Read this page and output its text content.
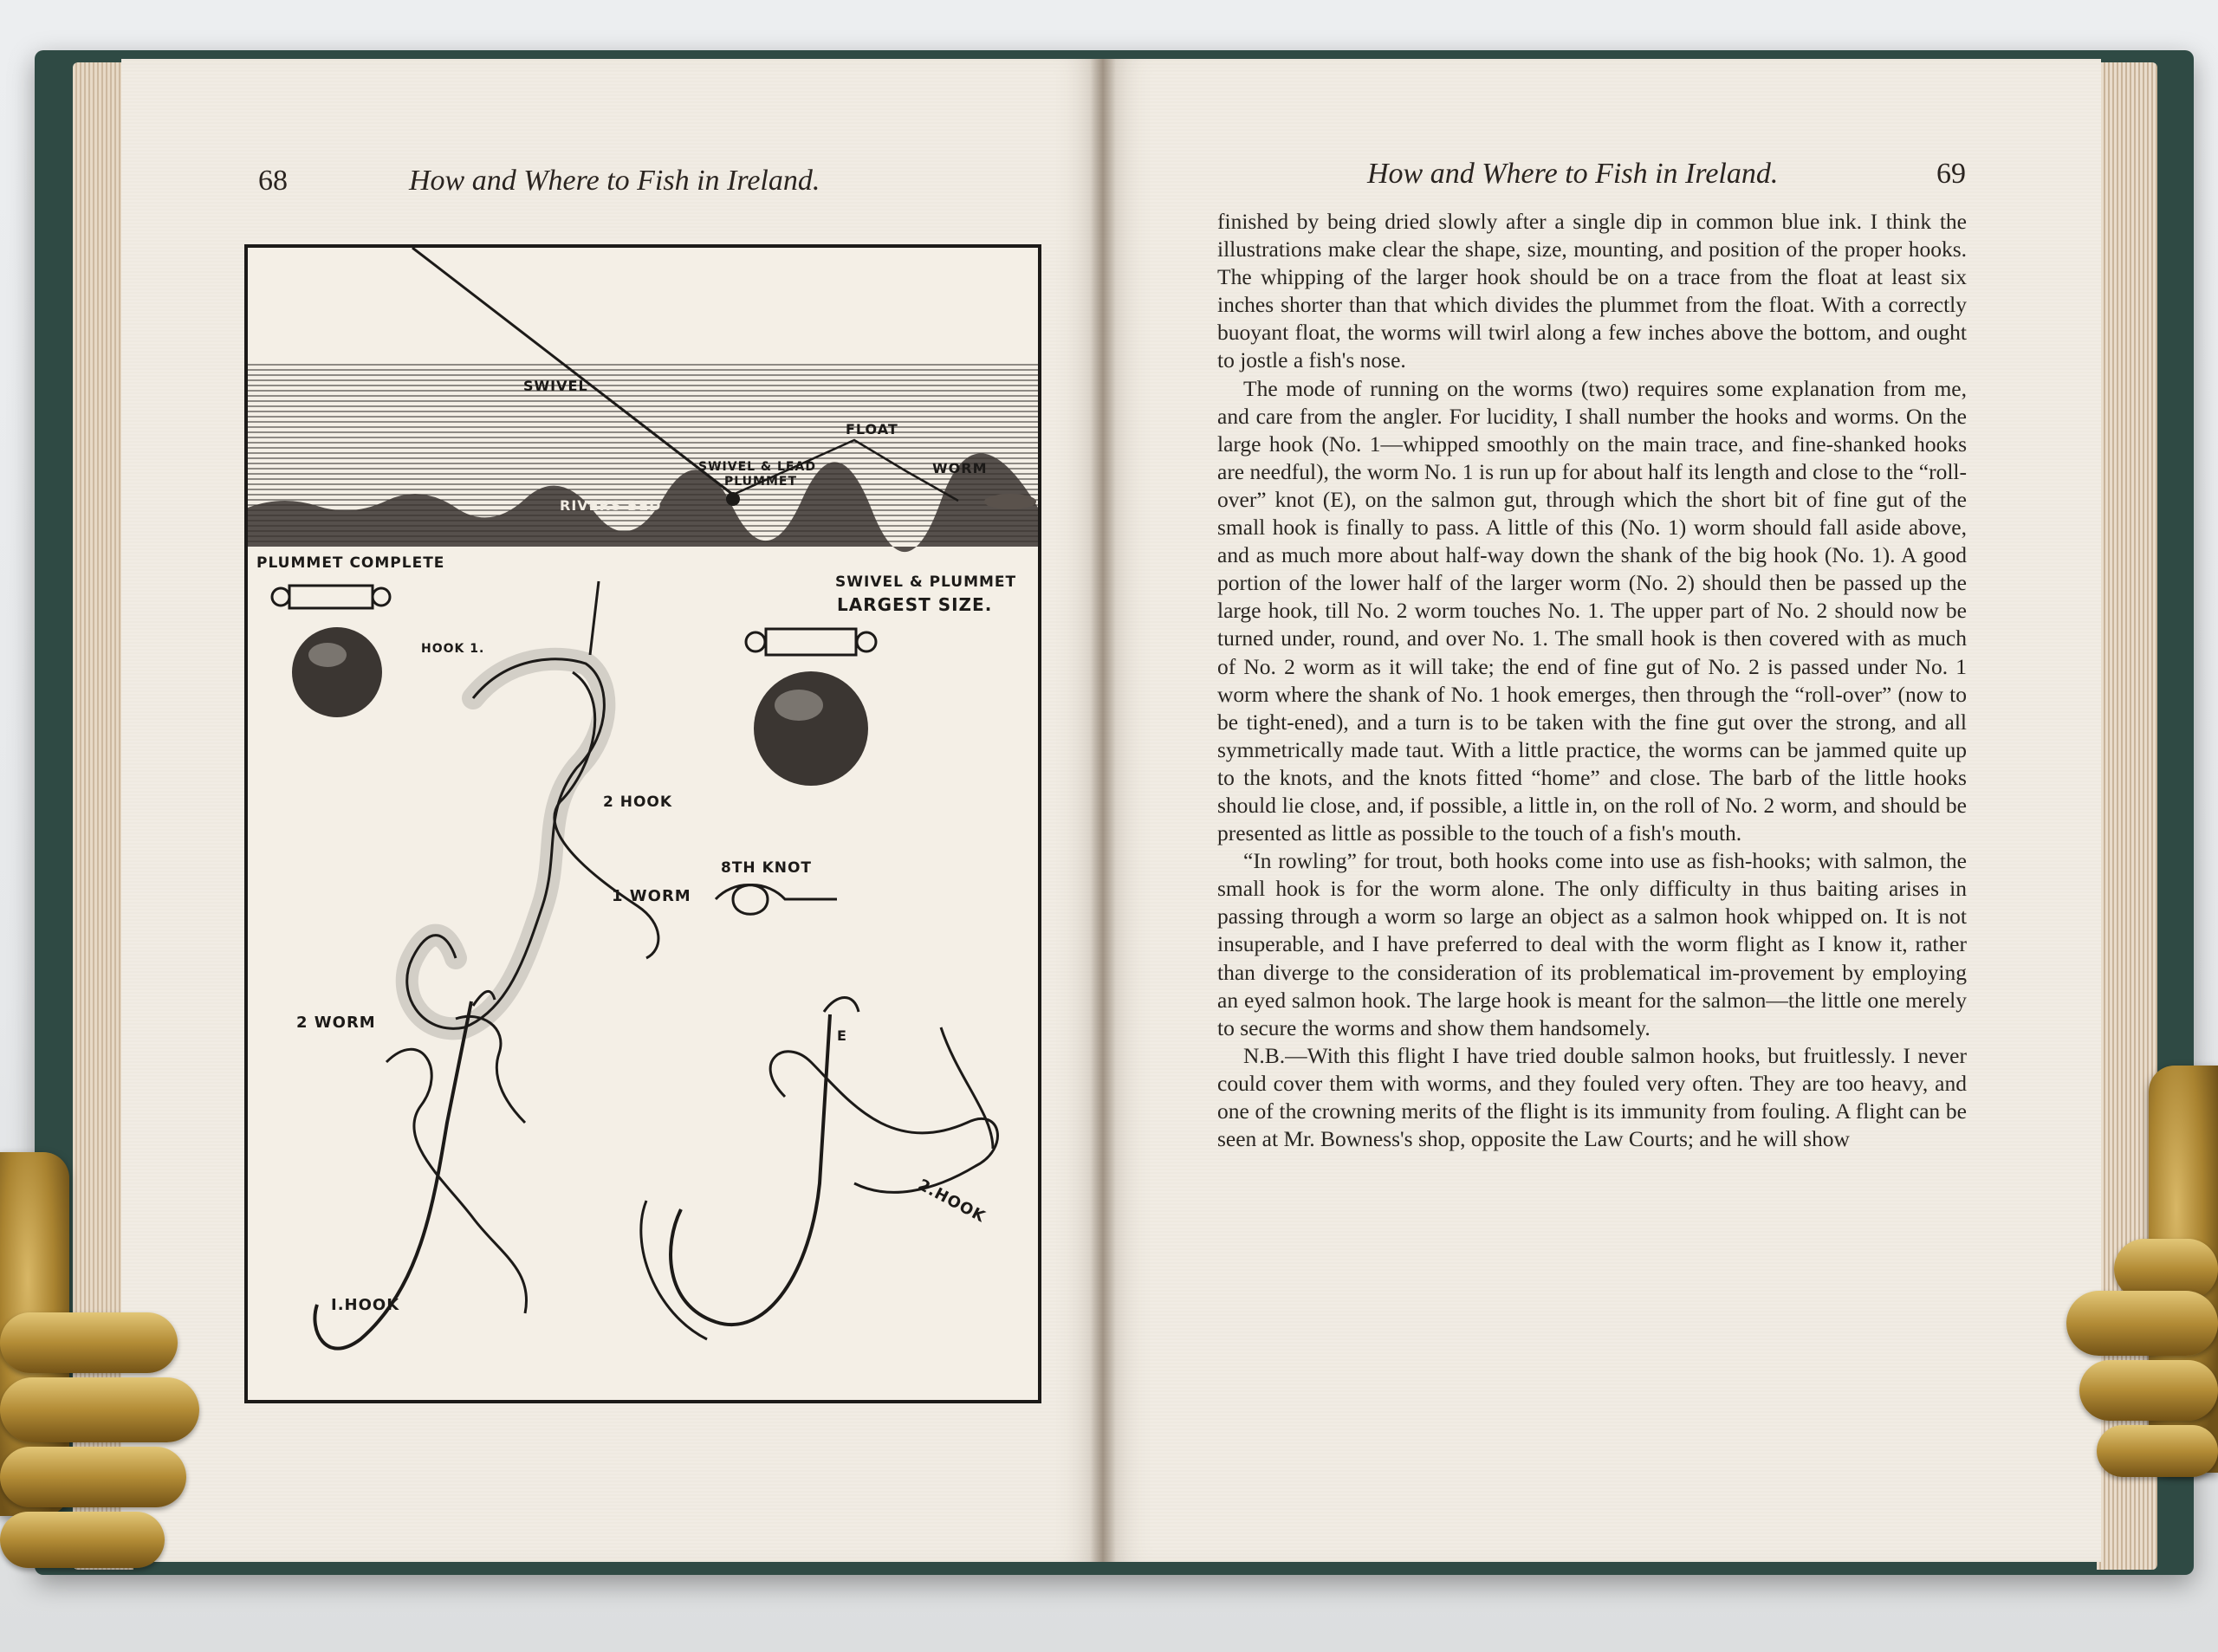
68	How and Where to Fish in Ireland.
SWIVEL
FLOAT
SWIVEL & LEAD
PLUMMET
WORM
RIVERS BED
PLUMMET COMPLETE
SWIVEL & PLUMMET
LARGEST SIZE.
HOOK 1.
2 HOOK
1 WORM
8TH KNOT
2 WORM
E
I.HOOK
2.HOOK
How and Where to Fish in Ireland.	69

finished by being dried slowly after a single dip in common blue ink. I think the illustrations make clear the shape, size, mounting, and position of the proper hooks. The whipping of the larger hook should be on a trace from the float at least six inches shorter than that which divides the plummet from the float. With a correctly buoyant float, the worms will twirl along a few inches above the bottom, and ought to jostle a fish's nose.

The mode of running on the worms (two) requires some explanation from me, and care from the angler. For lucidity, I shall number the hooks and worms. On the large hook (No. 1—whipped smoothly on the main trace, and fine-shanked hooks are needful), the worm No. 1 is run up for about half its length and close to the “roll-over” knot (E), on the salmon gut, through which the short bit of fine gut of the small hook is finally to pass. A little of this (No. 1) worm should fall aside above, and as much more about half-way down the shank of the big hook (No. 1). A good portion of the lower half of the larger worm (No. 2) should then be passed up the large hook, till No. 2 worm touches No. 1. The upper part of No. 2 should now be turned under, round, and over No. 1. The small hook is then covered with as much of No. 2 worm as it will take; the end of fine gut of No. 2 is passed under No. 1 worm where the shank of No. 1 hook emerges, then through the “roll-over” (now to be tight-ened), and a turn is to be taken with the fine gut over the strong, and all symmetrically made taut. With a little practice, the worms can be jammed quite up to the knots, and the knots fitted “home” and close. The barb of the little hooks should lie close, and, if possible, a little in, on the roll of No. 2 worm, and should be presented as little as possible to the touch of a fish's mouth.

“In rowling” for trout, both hooks come into use as fish-hooks; with salmon, the small hook is for the worm alone. The only difficulty in thus baiting arises in passing through a worm so large an object as a salmon hook whipped on. It is not insuperable, and I have preferred to deal with the worm flight as I know it, rather than diverge to the consideration of its problematical im-provement by employing an eyed salmon hook. The large hook is meant for the salmon—the little one merely to secure the worms and show them handsomely.

N.B.—With this flight I have tried double salmon hooks, but fruitlessly. I never could cover them with worms, and they fouled very often. They are too heavy, and one of the crowning merits of the flight is its immunity from fouling. A flight can be seen at Mr. Bowness's shop, opposite the Law Courts; and he will show
